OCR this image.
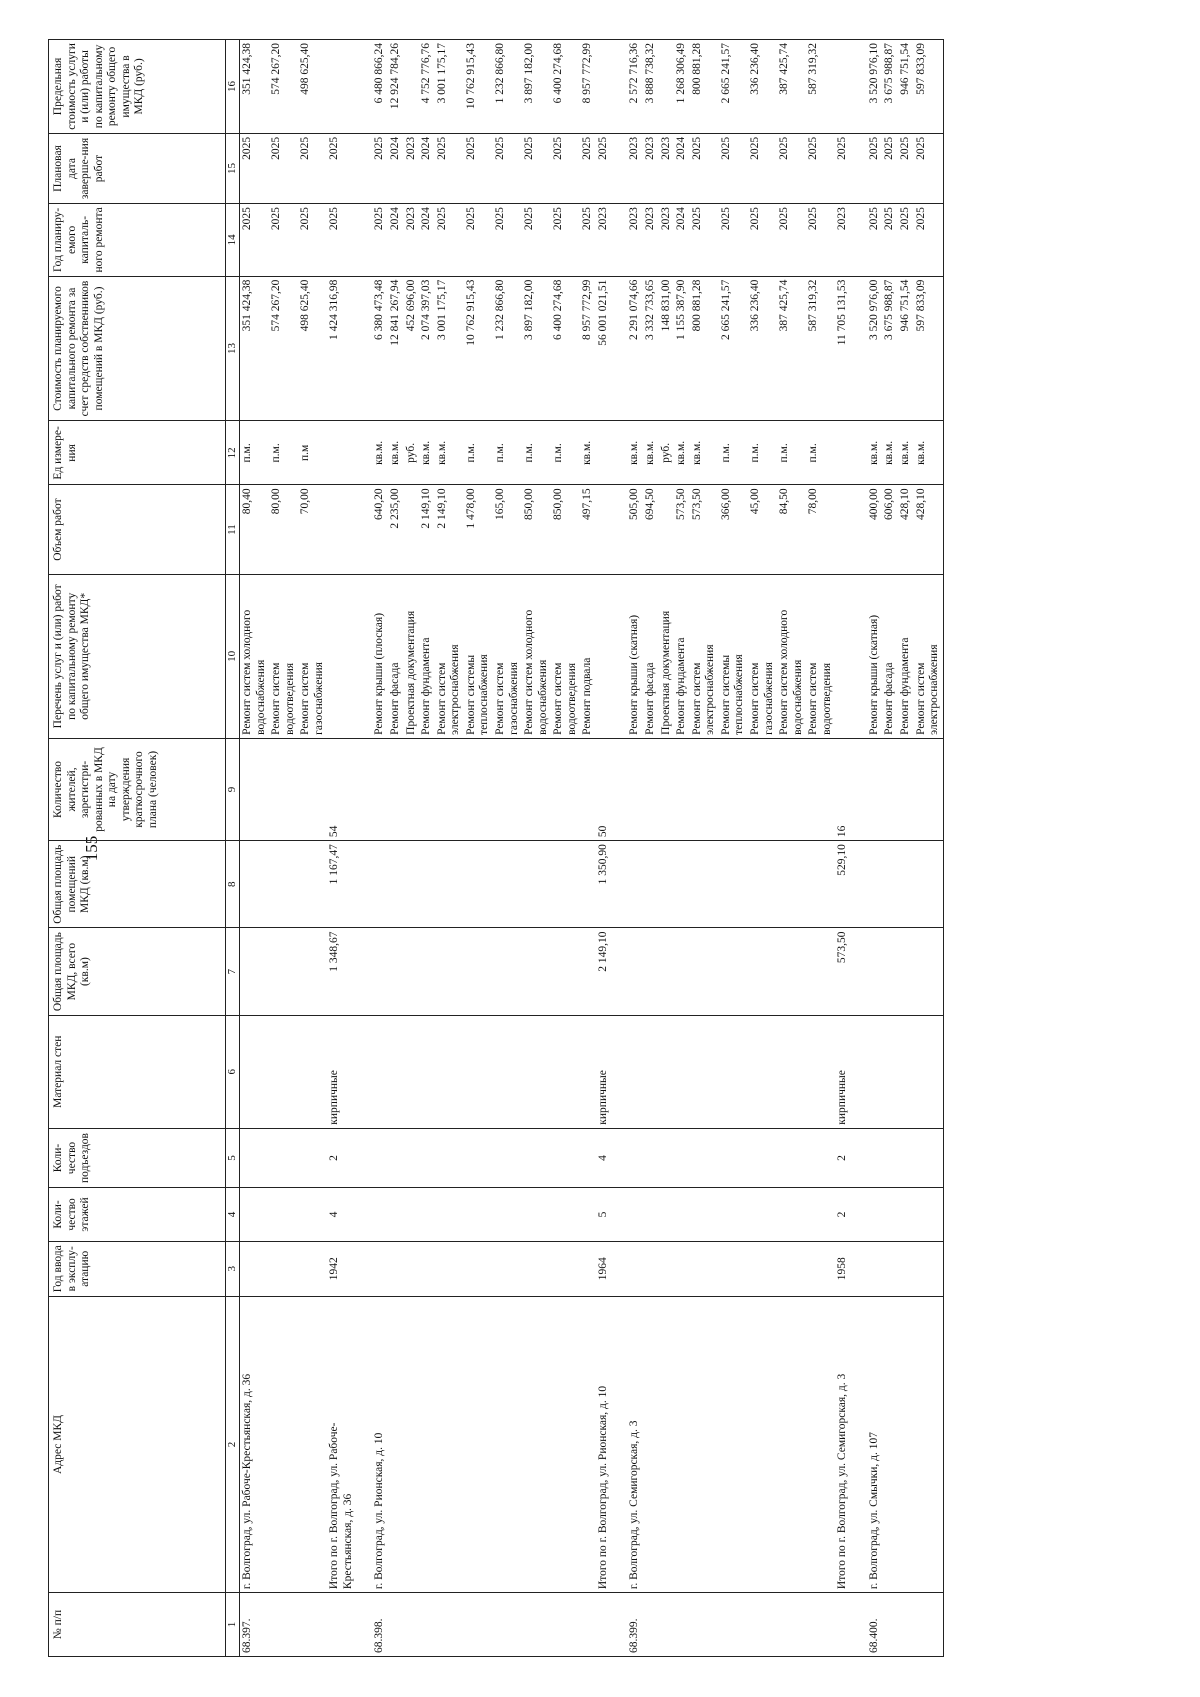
155
№ п/п	Адрес МКД	Год ввода в эксплу-атацию	Коли-чество этажей	Коли-чество подъездов	Материал стен	Общая площадь МКД, всего (кв.м)	Общая площадь помещений МКД (кв.м)	Количество жителей, зарегистри-рованных в МКД на дату утверждения краткосрочного плана (человек)	Перечень услуг и (или) работ по капитальному ремонту общего имущества МКД*	Объем работ	Ед измере-ния	Стоимость планируемого капитального ремонта за счет средств собственников помещений в МКД (руб.)	Год планиру-емого капиталь-ного ремонта	Плановая дата заверше-ния работ	Предельная стоимость услуги и (или) работы по капитальному ремонту общего имущества в МКД (руб.)
1	2	3	4	5	6	7	8	9	10	11	12	13	14	15	16
68.397.	г. Волгоград, ул. Рабоче-Крестьянская, д. 36								Ремонт систем холодного водоснабжения	80,40	п.м.	351 424,38	2025	2025	351 424,38

									Ремонт систем водоотведения	80,00	п.м.	574 267,20	2025	2025	574 267,20

									Ремонт систем газоснабжения	70,00	п.м	498 625,40	2025	2025	498 625,40

	Итого по г. Волгоград, ул. Рабоче- Крестьянская, д. 36	1942	4	2	кирпичные	1 348,67	1 167,47	54				1 424 316,98	2025	2025	

68.398.	г. Волгоград, ул. Рионская, д. 10								Ремонт крыши (плоская)	640,20	кв.м.	6 380 473,48	2025	2025	6 480 866,24

									Ремонт фасада	2 235,00	кв.м.	12 841 267,94	2024	2024	12 924 784,26

									Проектная документация		руб.	452 696,00	2023	2023	

									Ремонт фундамента	2 149,10	кв.м.	2 074 397,03	2024	2024	4 752 776,76

									Ремонт систем электроснабжения	2 149,10	кв.м.	3 001 175,17	2025	2025	3 001 175,17

									Ремонт системы теплоснабжения	1 478,00	п.м.	10 762 915,43	2025	2025	10 762 915,43

									Ремонт систем газоснабжения	165,00	п.м.	1 232 866,80	2025	2025	1 232 866,80

									Ремонт систем холодного водоснабжения	850,00	п.м.	3 897 182,00	2025	2025	3 897 182,00

									Ремонт систем водоотведения	850,00	п.м.	6 400 274,68	2025	2025	6 400 274,68

									Ремонт подвала	497,15	кв.м.	8 957 772,99	2025	2025	8 957 772,99

	Итого по г. Волгоград, ул. Рионская, д. 10	1964	5	4	кирпичные	2 149,10	1 350,90	50				56 001 021,51	2023	2025	

68.399.	г. Волгоград, ул. Семигорская, д. 3								Ремонт крыши (скатная)	505,00	кв.м.	2 291 074,66	2023	2023	2 572 716,36

									Ремонт фасада	694,50	кв.м.	3 332 733,65	2023	2023	3 888 738,32

									Проектная документация		руб.	148 831,00	2023	2023	

									Ремонт фундамента	573,50	кв.м.	1 155 387,90	2024	2024	1 268 306,49

									Ремонт систем электроснабжения	573,50	кв.м.	800 881,28	2025	2025	800 881,28

									Ремонт системы теплоснабжения	366,00	п.м.	2 665 241,57	2025	2025	2 665 241,57

									Ремонт систем газоснабжения	45,00	п.м.	336 236,40	2025	2025	336 236,40

									Ремонт систем холодного водоснабжения	84,50	п.м.	387 425,74	2025	2025	387 425,74

									Ремонт систем водоотведения	78,00	п.м.	587 319,32	2025	2025	587 319,32

	Итого по г. Волгоград, ул. Семигорская, д. 3	1958	2	2	кирпичные	573,50	529,10	16				11 705 131,53	2023	2025	

68.400.	г. Волгоград, ул. Смычки, д. 107								Ремонт крыши (скатная)	400,00	кв.м.	3 520 976,00	2025	2025	3 520 976,10

									Ремонт фасада	606,00	кв.м.	3 675 988,87	2025	2025	3 675 988,87

									Ремонт фундамента	428,10	кв.м.	946 751,54	2025	2025	946 751,54

									Ремонт систем электроснабжения	428,10	кв.м.	597 833,09	2025	2025	597 833,09
